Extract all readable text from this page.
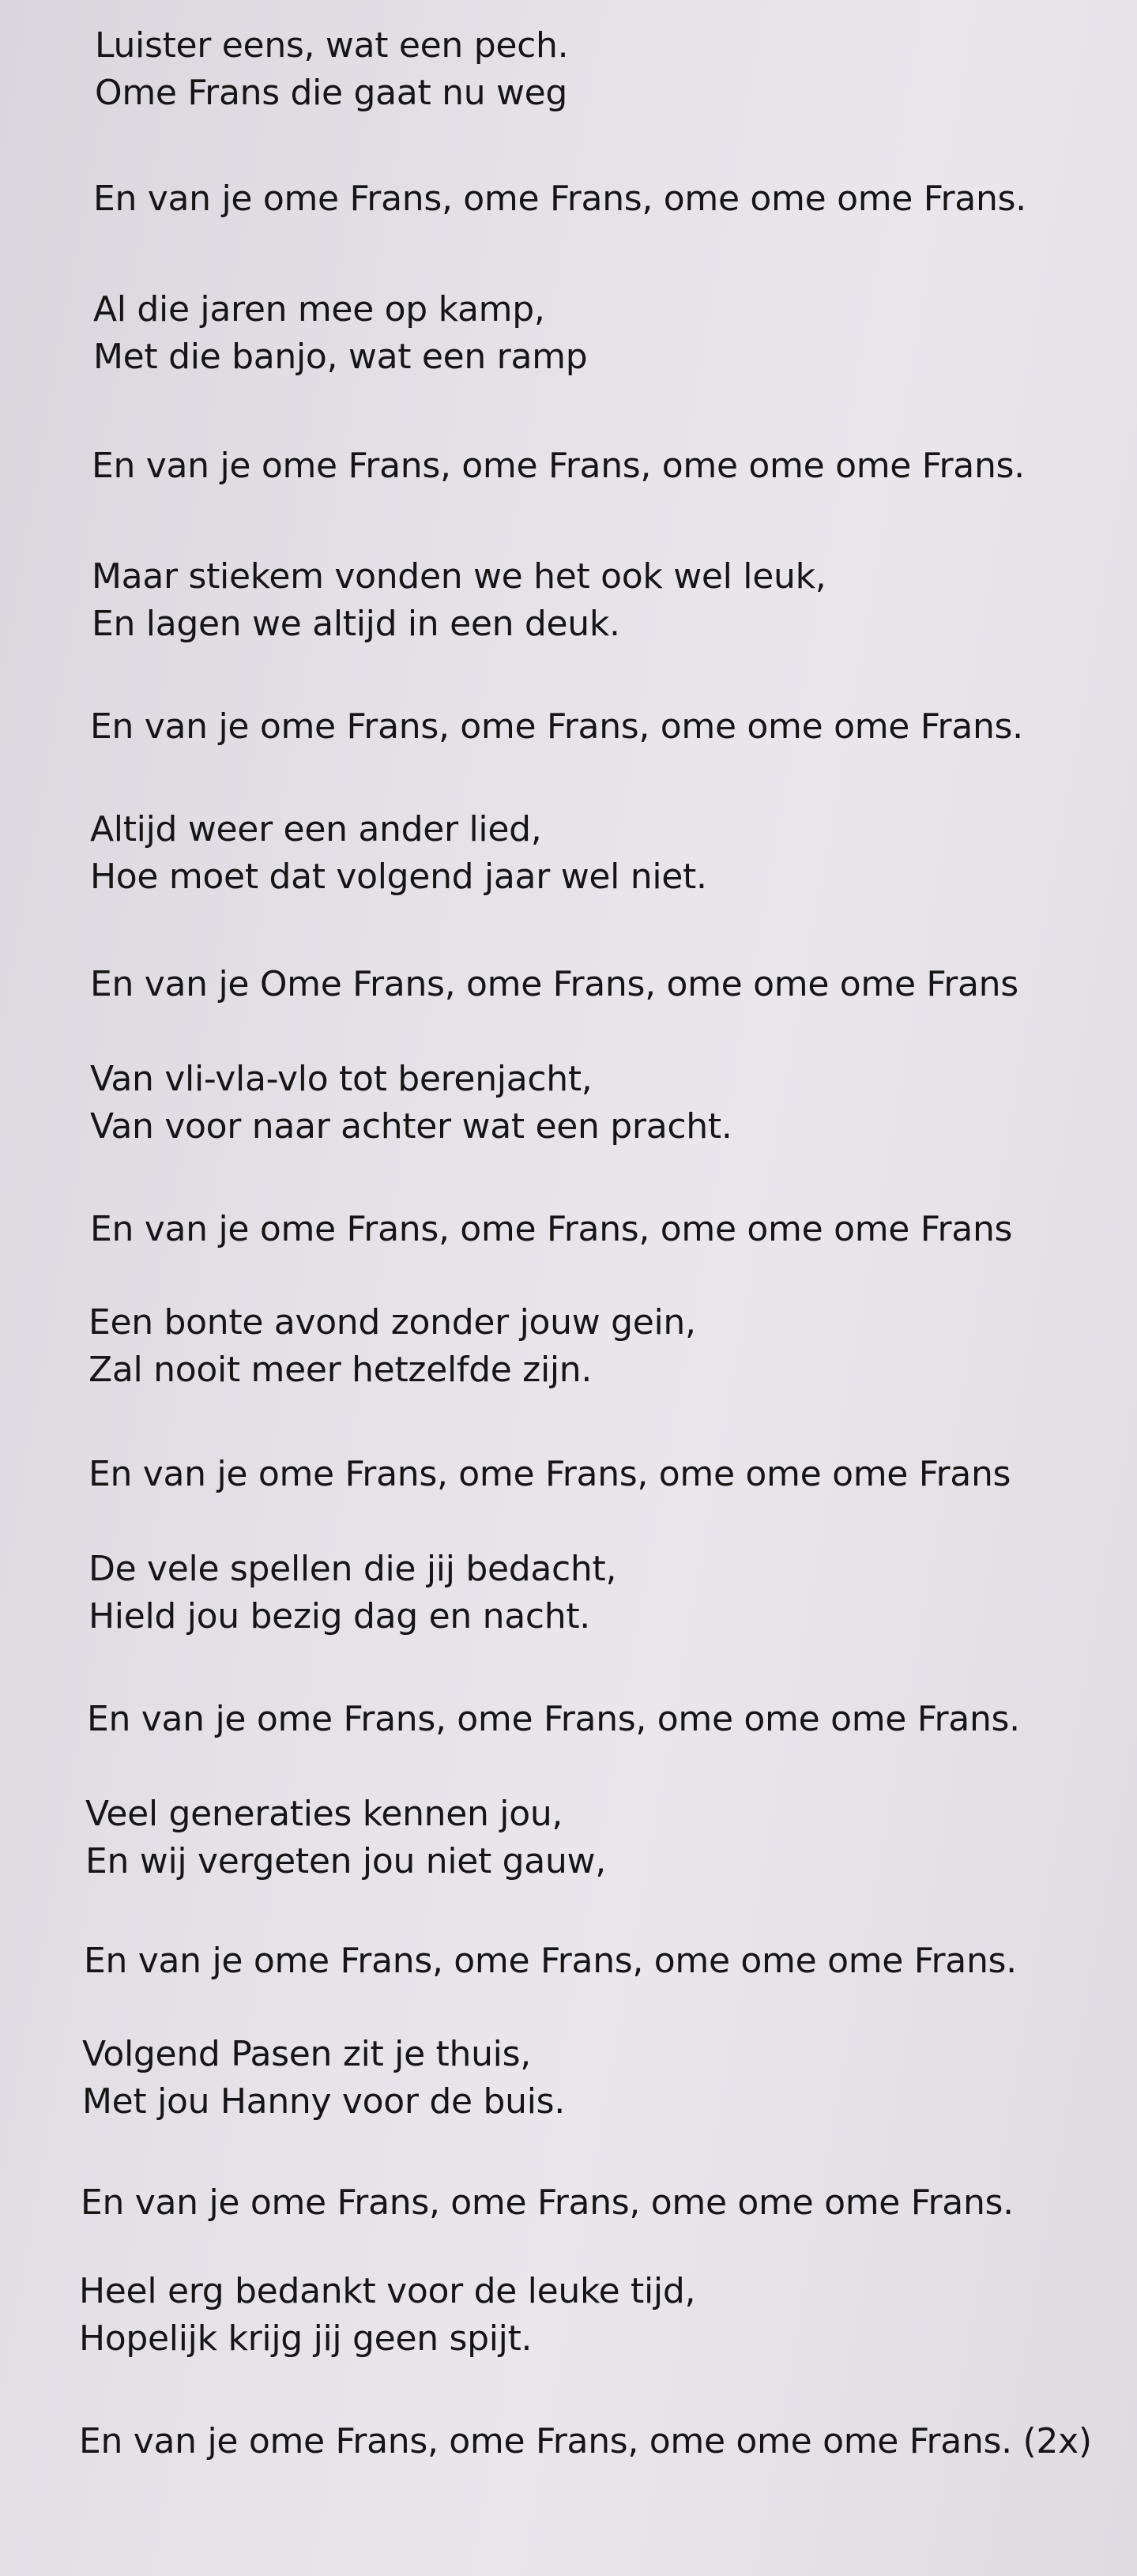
Luister eens, wat een pech.
Ome Frans die gaat nu weg
En van je ome Frans, ome Frans, ome ome ome Frans.
Al die jaren mee op kamp,
Met die banjo, wat een ramp
En van je ome Frans, ome Frans, ome ome ome Frans.
Maar stiekem vonden we het ook wel leuk,
En lagen we altijd in een deuk.
En van je ome Frans, ome Frans, ome ome ome Frans.
Altijd weer een ander lied,
Hoe moet dat volgend jaar wel niet.
En van je Ome Frans, ome Frans, ome ome ome Frans
Van vli-vla-vlo tot berenjacht,
Van voor naar achter wat een pracht.
En van je ome Frans, ome Frans, ome ome ome Frans
Een bonte avond zonder jouw gein,
Zal nooit meer hetzelfde zijn.
En van je ome Frans, ome Frans, ome ome ome Frans
De vele spellen die jij bedacht,
Hield jou bezig dag en nacht.
En van je ome Frans, ome Frans, ome ome ome Frans.
Veel generaties kennen jou,
En wij vergeten jou niet gauw,
En van je ome Frans, ome Frans, ome ome ome Frans.
Volgend Pasen zit je thuis,
Met jou Hanny voor de buis.
En van je ome Frans, ome Frans, ome ome ome Frans.
Heel erg bedankt voor de leuke tijd,
Hopelijk krijg jij geen spijt.
En van je ome Frans, ome Frans, ome ome ome Frans. (2x)
